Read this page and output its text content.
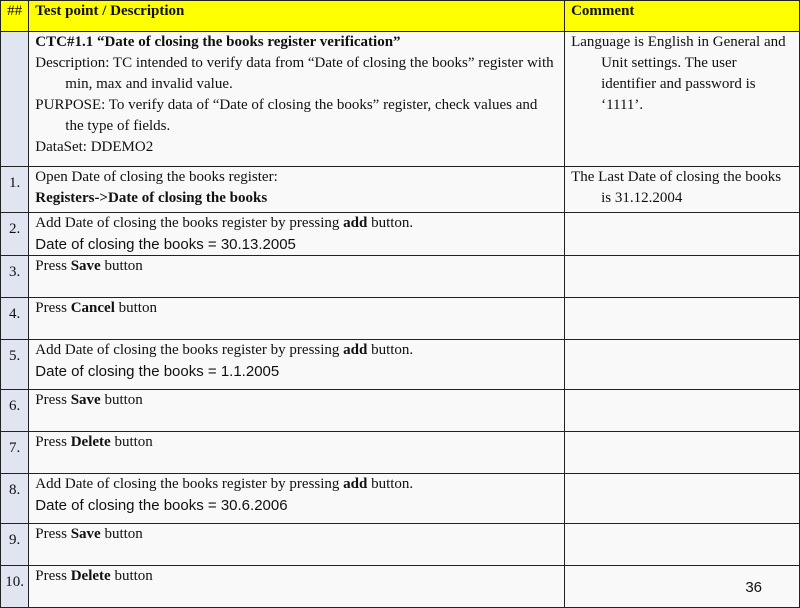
##	Test point / Description	Comment

	CTC#1.1 “Date of closing the books register verification”
Description: TC intended to verify data from “Date of closing the books” register with min, max and invalid value.
PURPOSE: To verify data of “Date of closing the books” register, check values and the type of fields.
DataSet: DDEMO2	Language is English in General and Unit settings. The user identifier and password is ‘1111’.

1.	Open Date of closing the books register:
Registers->Date of closing the books	The Last Date of closing the books is 31.12.2004

2.	Add Date of closing the books register by pressing add button.
Date of closing the books = 30.13.2005	

3.	Press Save button	

4.	Press Cancel button	

5.	Add Date of closing the books register by pressing add button.
Date of closing the books = 1.1.2005	

6.	Press Save button	

7.	Press Delete button	

8.	Add Date of closing the books register by pressing add button.
Date of closing the books = 30.6.2006	

9.	Press Save button	

10.	Press Delete button	

36
